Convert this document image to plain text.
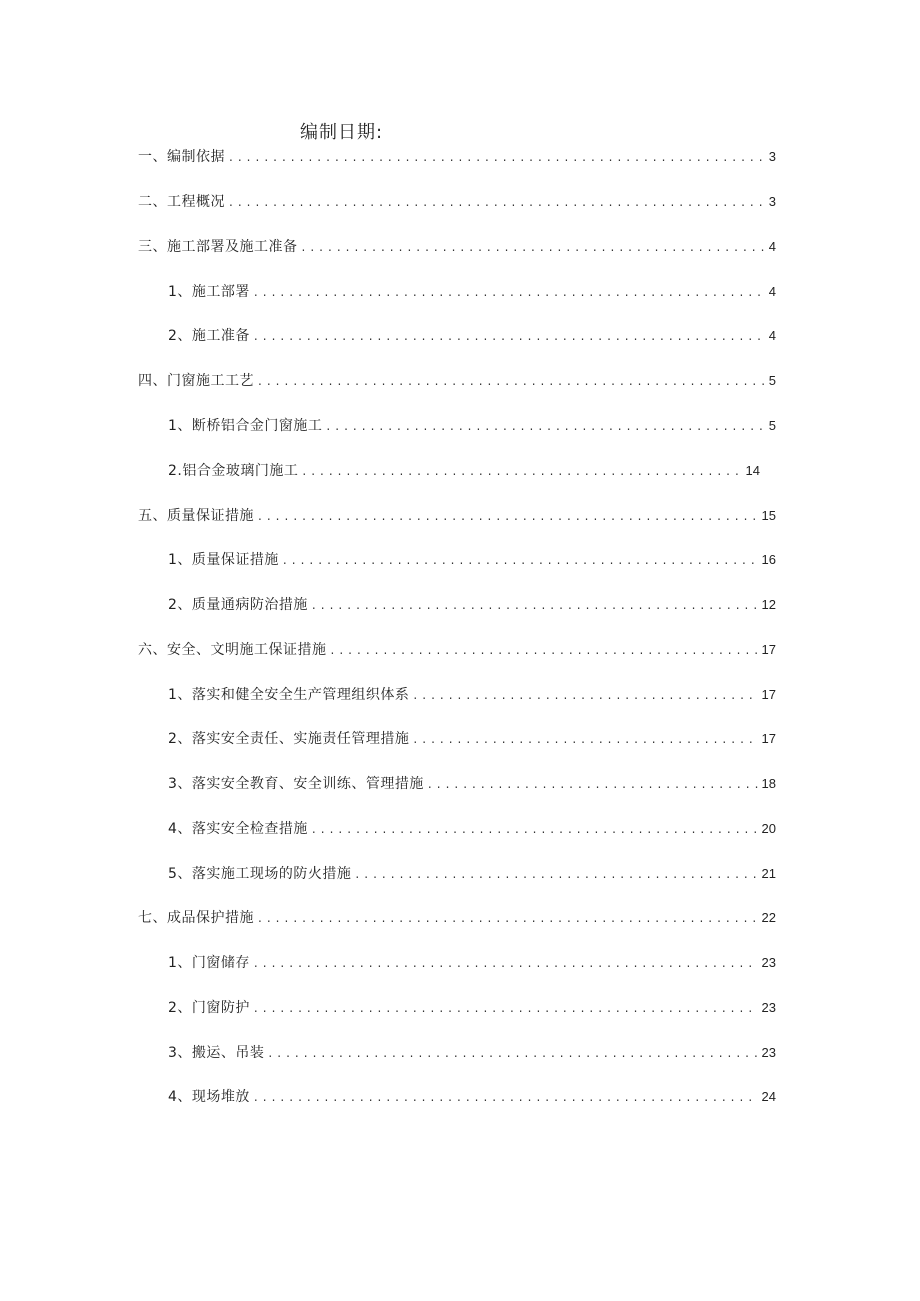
编制日期:
一、编制依据 . . .	3
二、工程概况 . . .	3
三、施工部署及施工准备 . . .	4
1、施工部署 . . .	4
2、施工准备 . . .	4
四、门窗施工工艺 . . .	5
1、断桥铝合金门窗施工 . . .	5
2.铝合金玻璃门施工 . . .	14
五、质量保证措施 . . .	15
1、质量保证措施 . . .	16
2、质量通病防治措施 . . .	12
六、安全、文明施工保证措施 . . .	17
1、落实和健全安全生产管理组织体系 . . .	17
2、落实安全责任、实施责任管理措施 . . .	17
3、落实安全教育、安全训练、管理措施 . . .	18
4、落实安全检查措施 . . .	20
5、落实施工现场的防火措施 . . .	21
七、成品保护措施 . . .	22
1、门窗储存 . . .	23
2、门窗防护 . . .	23
3、搬运、吊装 . . .	23
4、现场堆放 . . .	24
